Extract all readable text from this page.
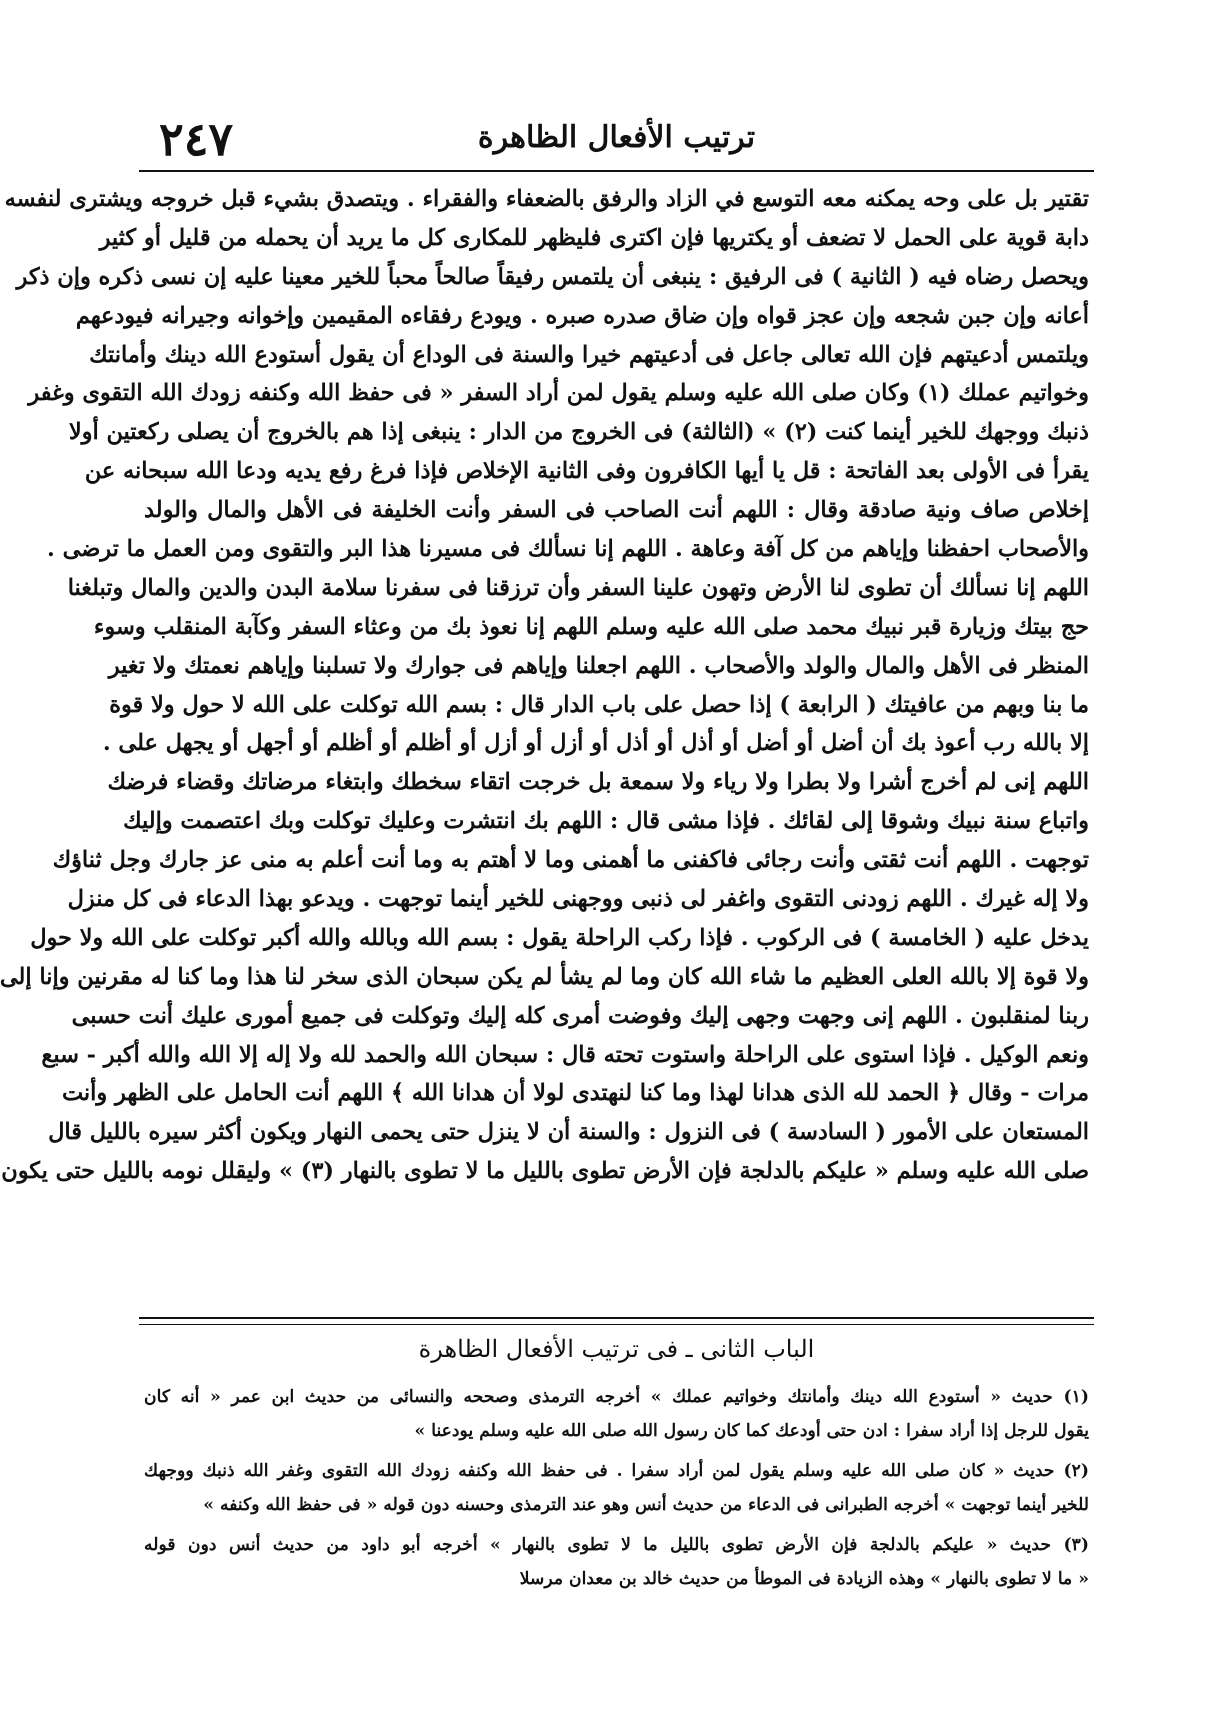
ترتيب الأفعال الظاهرة
٢٤٧
تقتير بل على وحه يمكنه معه التوسع في الزاد والرفق بالضعفاء والفقراء . ويتصدق بشيء قبل خروجه ويشترى لنفسه
دابة قوية على الحمل لا تضعف أو يكتريها فإن اكترى فليظهر للمكارى كل ما يريد أن يحمله من قليل أو كثير
ويحصل رضاه فيه ( الثانية ) فى الرفيق : ينبغى أن يلتمس رفيقاً صالحاً محباً للخير معينا عليه إن نسى ذكره وإن ذكر
أعانه وإن جبن شجعه وإن عجز قواه وإن ضاق صدره صبره . ويودع رفقاءه المقيمين وإخوانه وجيرانه فيودعهم
ويلتمس أدعيتهم فإن الله تعالى جاعل فى أدعيتهم خيرا والسنة فى الوداع أن يقول أستودع الله دينك وأمانتك
وخواتيم عملك (١) وكان صلى الله عليه وسلم يقول لمن أراد السفر « فى حفظ الله وكنفه زودك الله التقوى وغفر
ذنبك ووجهك للخير أينما كنت (٢) » (الثالثة) فى الخروج من الدار : ينبغى إذا هم بالخروج أن يصلى ركعتين أولا
يقرأ فى الأولى بعد الفاتحة : قل يا أيها الكافرون وفى الثانية الإخلاص فإذا فرغ رفع يديه ودعا الله سبحانه عن
إخلاص صاف ونية صادقة وقال : اللهم أنت الصاحب فى السفر وأنت الخليفة فى الأهل والمال والولد
والأصحاب احفظنا وإياهم من كل آفة وعاهة . اللهم إنا نسألك فى مسيرنا هذا البر والتقوى ومن العمل ما ترضى .
اللهم إنا نسألك أن تطوى لنا الأرض وتهون علينا السفر وأن ترزقنا فى سفرنا سلامة البدن والدين والمال وتبلغنا
حج بيتك وزيارة قبر نبيك محمد صلى الله عليه وسلم اللهم إنا نعوذ بك من وعثاء السفر وكآبة المنقلب وسوء
المنظر فى الأهل والمال والولد والأصحاب . اللهم اجعلنا وإياهم فى جوارك ولا تسلبنا وإياهم نعمتك ولا تغير
ما بنا وبهم من عافيتك ( الرابعة ) إذا حصل على باب الدار قال : بسم الله توكلت على الله لا حول ولا قوة
إلا بالله رب أعوذ بك أن أضل أو أضل أو أذل أو أذل أو أزل أو أزل أو أظلم أو أظلم أو أجهل أو يجهل على .
اللهم إنى لم أخرج أشرا ولا بطرا ولا رياء ولا سمعة بل خرجت اتقاء سخطك وابتغاء مرضاتك وقضاء فرضك
واتباع سنة نبيك وشوقا إلى لقائك . فإذا مشى قال : اللهم بك انتشرت وعليك توكلت وبك اعتصمت وإليك
توجهت . اللهم أنت ثقتى وأنت رجائى فاكفنى ما أهمنى وما لا أهتم به وما أنت أعلم به منى عز جارك وجل ثناؤك
ولا إله غيرك . اللهم زودنى التقوى واغفر لى ذنبى ووجهنى للخير أينما توجهت . ويدعو بهذا الدعاء فى كل منزل
يدخل عليه ( الخامسة ) فى الركوب . فإذا ركب الراحلة يقول : بسم الله وبالله والله أكبر توكلت على الله ولا حول
ولا قوة إلا بالله العلى العظيم ما شاء الله كان وما لم يشأ لم يكن سبحان الذى سخر لنا هذا وما كنا له مقرنين وإنا إلى
ربنا لمنقلبون . اللهم إنى وجهت وجهى إليك وفوضت أمرى كله إليك وتوكلت فى جميع أمورى عليك أنت حسبى
ونعم الوكيل . فإذا استوى على الراحلة واستوت تحته قال : سبحان الله والحمد لله ولا إله إلا الله والله أكبر - سبع
مرات - وقال ﴿ الحمد لله الذى هدانا لهذا وما كنا لنهتدى لولا أن هدانا الله ﴾ اللهم أنت الحامل على الظهر وأنت
المستعان على الأمور ( السادسة ) فى النزول : والسنة أن لا ينزل حتى يحمى النهار ويكون أكثر سيره بالليل قال
صلى الله عليه وسلم « عليكم بالدلجة فإن الأرض تطوى بالليل ما لا تطوى بالنهار (٣) » وليقلل نومه بالليل حتى يكون
الباب الثانى ـ فى ترتيب الأفعال الظاهرة
(١) حديث « أستودع الله دينك وأمانتك وخواتيم عملك » أخرجه الترمذى وصححه والنسائى من حديث ابن عمر « أنه كان
يقول للرجل إذا أراد سفرا : ادن حتى أودعك كما كان رسول الله صلى الله عليه وسلم يودعنا »
(٢) حديث « كان صلى الله عليه وسلم يقول لمن أراد سفرا . فى حفظ الله وكنفه زودك الله التقوى وغفر الله ذنبك ووجهك
للخير أينما توجهت » أخرجه الطبرانى فى الدعاء من حديث أنس وهو عند الترمذى وحسنه دون قوله « فى حفظ الله وكنفه »
(٣) حديث « عليكم بالدلجة فإن الأرض تطوى بالليل ما لا تطوى بالنهار » أخرجه أبو داود من حديث أنس دون قوله
« ما لا تطوى بالنهار » وهذه الزيادة فى الموطأ من حديث خالد بن معدان مرسلا
